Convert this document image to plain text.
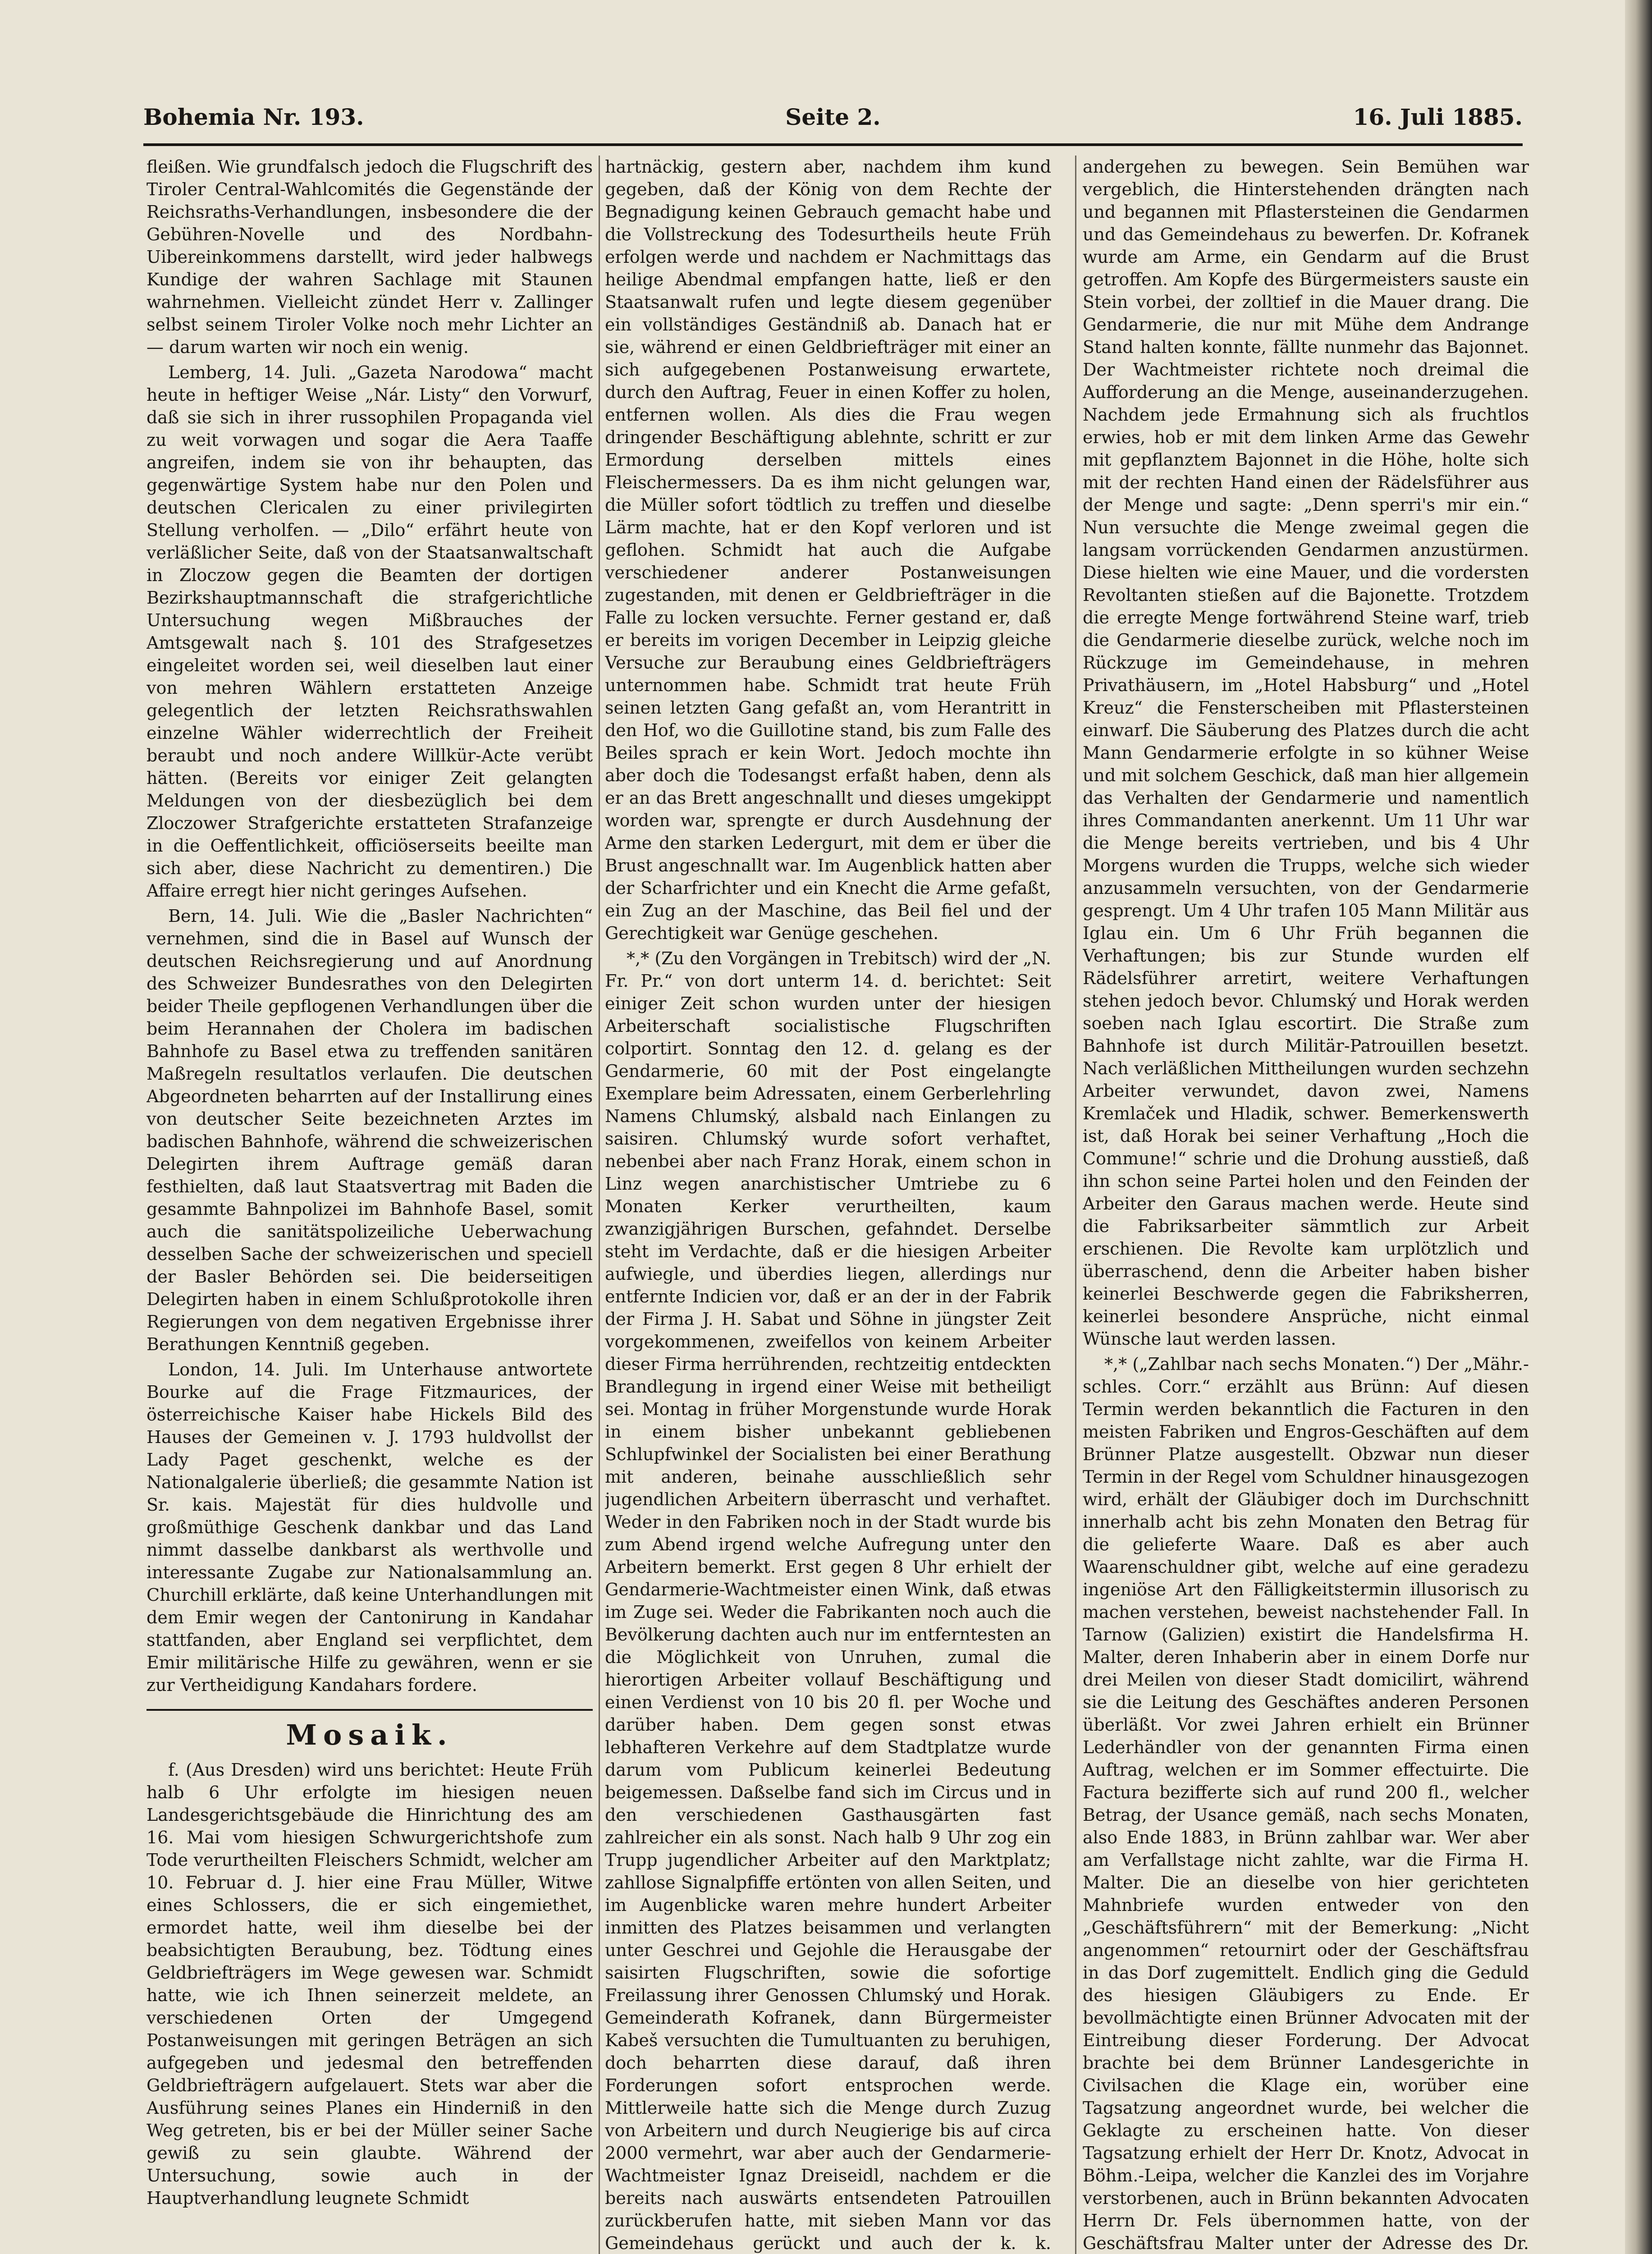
Bohemia Nr. 193.	Seite 2.	16. Juli 1885.

fleißen. Wie grundfalsch jedoch die Flugschrift des Tiroler Central-Wahlcomités die Gegenstände der Reichsraths-Verhandlungen, insbesondere die der Gebühren-Novelle und des Nordbahn-Uibereinkommens darstellt, wird jeder halbwegs Kundige der wahren Sachlage mit Staunen wahrnehmen. Vielleicht zündet Herr v. Zallinger selbst seinem Tiroler Volke noch mehr Lichter an — darum warten wir noch ein wenig.

Lemberg, 14. Juli. „Gazeta Narodowa“ macht heute in heftiger Weise „Nár. Listy“ den Vorwurf, daß sie sich in ihrer russophilen Propaganda viel zu weit vorwagen und sogar die Aera Taaffe angreifen, indem sie von ihr behaupten, das gegenwärtige System habe nur den Polen und deutschen Clericalen zu einer privilegirten Stellung verholfen. — „Dilo“ erfährt heute von verläßlicher Seite, daß von der Staatsanwaltschaft in Zloczow gegen die Beamten der dortigen Bezirkshauptmannschaft die strafgerichtliche Untersuchung wegen Mißbrauches der Amtsgewalt nach §. 101 des Strafgesetzes eingeleitet worden sei, weil dieselben laut einer von mehren Wählern erstatteten Anzeige gelegentlich der letzten Reichsrathswahlen einzelne Wähler widerrechtlich der Freiheit beraubt und noch andere Willkür-Acte verübt hätten. (Bereits vor einiger Zeit gelangten Meldungen von der diesbezüglich bei dem Zloczower Strafgerichte erstatteten Strafanzeige in die Oeffentlichkeit, officiöserseits beeilte man sich aber, diese Nachricht zu dementiren.) Die Affaire erregt hier nicht geringes Aufsehen.

Bern, 14. Juli. Wie die „Basler Nachrichten“ vernehmen, sind die in Basel auf Wunsch der deutschen Reichsregierung und auf Anordnung des Schweizer Bundesrathes von den Delegirten beider Theile gepflogenen Verhandlungen über die beim Herannahen der Cholera im badischen Bahnhofe zu Basel etwa zu treffenden sanitären Maßregeln resultatlos verlaufen. Die deutschen Abgeordneten beharrten auf der Installirung eines von deutscher Seite bezeichneten Arztes im badischen Bahnhofe, während die schweizerischen Delegirten ihrem Auftrage gemäß daran festhielten, daß laut Staatsvertrag mit Baden die gesammte Bahnpolizei im Bahnhofe Basel, somit auch die sanitätspolizeiliche Ueberwachung desselben Sache der schweizerischen und speciell der Basler Behörden sei. Die beiderseitigen Delegirten haben in einem Schlußprotokolle ihren Regierungen von dem negativen Ergebnisse ihrer Berathungen Kenntniß gegeben.

London, 14. Juli. Im Unterhause antwortete Bourke auf die Frage Fitzmaurices, der österreichische Kaiser habe Hickels Bild des Hauses der Gemeinen v. J. 1793 huldvollst der Lady Paget geschenkt, welche es der Nationalgalerie überließ; die gesammte Nation ist Sr. kais. Majestät für dies huldvolle und großmüthige Geschenk dankbar und das Land nimmt dasselbe dankbarst als werthvolle und interessante Zugabe zur Nationalsammlung an. Churchill erklärte, daß keine Unterhandlungen mit dem Emir wegen der Cantonirung in Kandahar stattfanden, aber England sei verpflichtet, dem Emir militärische Hilfe zu gewähren, wenn er sie zur Vertheidigung Kandahars fordere.

Mosaik.

f. (Aus Dresden) wird uns berichtet: Heute Früh halb 6 Uhr erfolgte im hiesigen neuen Landesgerichtsgebäude die Hinrichtung des am 16. Mai vom hiesigen Schwurgerichtshofe zum Tode verurtheilten Fleischers Schmidt, welcher am 10. Februar d. J. hier eine Frau Müller, Witwe eines Schlossers, die er sich eingemiethet, ermordet hatte, weil ihm dieselbe bei der beabsichtigten Beraubung, bez. Tödtung eines Geldbriefträgers im Wege gewesen war. Schmidt hatte, wie ich Ihnen seinerzeit meldete, an verschiedenen Orten der Umgegend Postanweisungen mit geringen Beträgen an sich aufgegeben und jedesmal den betreffenden Geldbriefträgern aufgelauert. Stets war aber die Ausführung seines Planes ein Hinderniß in den Weg getreten, bis er bei der Müller seiner Sache gewiß zu sein glaubte. Während der Untersuchung, sowie auch in der Hauptverhandlung leugnete Schmidt

hartnäckig, gestern aber, nachdem ihm kund gegeben, daß der König von dem Rechte der Begnadigung keinen Gebrauch gemacht habe und die Vollstreckung des Todesurtheils heute Früh erfolgen werde und nachdem er Nachmittags das heilige Abendmal empfangen hatte, ließ er den Staatsanwalt rufen und legte diesem gegenüber ein vollständiges Geständniß ab. Danach hat er sie, während er einen Geldbriefträger mit einer an sich aufgegebenen Postanweisung erwartete, durch den Auftrag, Feuer in einen Koffer zu holen, entfernen wollen. Als dies die Frau wegen dringender Beschäftigung ablehnte, schritt er zur Ermordung derselben mittels eines Fleischermessers. Da es ihm nicht gelungen war, die Müller sofort tödtlich zu treffen und dieselbe Lärm machte, hat er den Kopf verloren und ist geflohen. Schmidt hat auch die Aufgabe verschiedener anderer Postanweisungen zugestanden, mit denen er Geldbriefträger in die Falle zu locken versuchte. Ferner gestand er, daß er bereits im vorigen December in Leipzig gleiche Versuche zur Beraubung eines Geldbriefträgers unternommen habe. Schmidt trat heute Früh seinen letzten Gang gefaßt an, vom Herantritt in den Hof, wo die Guillotine stand, bis zum Falle des Beiles sprach er kein Wort. Jedoch mochte ihn aber doch die Todesangst erfaßt haben, denn als er an das Brett angeschnallt und dieses umgekippt worden war, sprengte er durch Ausdehnung der Arme den starken Ledergurt, mit dem er über die Brust angeschnallt war. Im Augenblick hatten aber der Scharfrichter und ein Knecht die Arme gefaßt, ein Zug an der Maschine, das Beil fiel und der Gerechtigkeit war Genüge geschehen.

*,* (Zu den Vorgängen in Trebitsch) wird der „N. Fr. Pr.“ von dort unterm 14. d. berichtet: Seit einiger Zeit schon wurden unter der hiesigen Arbeiterschaft socialistische Flugschriften colportirt. Sonntag den 12. d. gelang es der Gendarmerie, 60 mit der Post eingelangte Exemplare beim Adressaten, einem Gerberlehrling Namens Chlumský, alsbald nach Einlangen zu saisiren. Chlumský wurde sofort verhaftet, nebenbei aber nach Franz Horak, einem schon in Linz wegen anarchistischer Umtriebe zu 6 Monaten Kerker verurtheilten, kaum zwanzigjährigen Burschen, gefahndet. Derselbe steht im Verdachte, daß er die hiesigen Arbeiter aufwiegle, und überdies liegen, allerdings nur entfernte Indicien vor, daß er an der in der Fabrik der Firma J. H. Sabat und Söhne in jüngster Zeit vorgekommenen, zweifellos von keinem Arbeiter dieser Firma herrührenden, rechtzeitig entdeckten Brandlegung in irgend einer Weise mit betheiligt sei. Montag in früher Morgenstunde wurde Horak in einem bisher unbekannt gebliebenen Schlupfwinkel der Socialisten bei einer Berathung mit anderen, beinahe ausschließlich sehr jugendlichen Arbeitern überrascht und verhaftet. Weder in den Fabriken noch in der Stadt wurde bis zum Abend irgend welche Aufregung unter den Arbeitern bemerkt. Erst gegen 8 Uhr erhielt der Gendarmerie-Wachtmeister einen Wink, daß etwas im Zuge sei. Weder die Fabrikanten noch auch die Bevölkerung dachten auch nur im entferntesten an die Möglichkeit von Unruhen, zumal die hierortigen Arbeiter vollauf Beschäftigung und einen Verdienst von 10 bis 20 fl. per Woche und darüber haben. Dem gegen sonst etwas lebhafteren Verkehre auf dem Stadtplatze wurde darum vom Publicum keinerlei Bedeutung beigemessen. Daßselbe fand sich im Circus und in den verschiedenen Gasthausgärten fast zahlreicher ein als sonst. Nach halb 9 Uhr zog ein Trupp jugendlicher Arbeiter auf den Marktplatz; zahllose Signalpfiffe ertönten von allen Seiten, und im Augenblicke waren mehre hundert Arbeiter inmitten des Platzes beisammen und verlangten unter Geschrei und Gejohle die Herausgabe der saisirten Flugschriften, sowie die sofortige Freilassung ihrer Genossen Chlumský und Horak. Gemeinderath Kofranek, dann Bürgermeister Kabeš versuchten die Tumultuanten zu beruhigen, doch beharrten diese darauf, daß ihren Forderungen sofort entsprochen werde. Mittlerweile hatte sich die Menge durch Zuzug von Arbeitern und durch Neugierige bis auf circa 2000 vermehrt, war aber auch der Gendarmerie-Wachtmeister Ignaz Dreiseidl, nachdem er die bereits nach auswärts entsendeten Patrouillen zurückberufen hatte, mit sieben Mann vor das Gemeindehaus gerückt und auch der k. k.

andergehen zu bewegen. Sein Bemühen war vergeblich, die Hinterstehenden drängten nach und begannen mit Pflastersteinen die Gendarmen und das Gemeindehaus zu bewerfen. Dr. Kofranek wurde am Arme, ein Gendarm auf die Brust getroffen. Am Kopfe des Bürgermeisters sauste ein Stein vorbei, der zolltief in die Mauer drang. Die Gendarmerie, die nur mit Mühe dem Andrange Stand halten konnte, fällte nunmehr das Bajonnet. Der Wachtmeister richtete noch dreimal die Aufforderung an die Menge, auseinanderzugehen. Nachdem jede Ermahnung sich als fruchtlos erwies, hob er mit dem linken Arme das Gewehr mit gepflanztem Bajonnet in die Höhe, holte sich mit der rechten Hand einen der Rädelsführer aus der Menge und sagte: „Denn sperri's mir ein.“ Nun versuchte die Menge zweimal gegen die langsam vorrückenden Gendarmen anzustürmen. Diese hielten wie eine Mauer, und die vordersten Revoltanten stießen auf die Bajonette. Trotzdem die erregte Menge fortwährend Steine warf, trieb die Gendarmerie dieselbe zurück, welche noch im Rückzuge im Gemeindehause, in mehren Privathäusern, im „Hotel Habsburg“ und „Hotel Kreuz“ die Fensterscheiben mit Pflastersteinen einwarf. Die Säuberung des Platzes durch die acht Mann Gendarmerie erfolgte in so kühner Weise und mit solchem Geschick, daß man hier allgemein das Verhalten der Gendarmerie und namentlich ihres Commandanten anerkennt. Um 11 Uhr war die Menge bereits vertrieben, und bis 4 Uhr Morgens wurden die Trupps, welche sich wieder anzusammeln versuchten, von der Gendarmerie gesprengt. Um 4 Uhr trafen 105 Mann Militär aus Iglau ein. Um 6 Uhr Früh begannen die Verhaftungen; bis zur Stunde wurden elf Rädelsführer arretirt, weitere Verhaftungen stehen jedoch bevor. Chlumský und Horak werden soeben nach Iglau escortirt. Die Straße zum Bahnhofe ist durch Militär-Patrouillen besetzt. Nach verläßlichen Mittheilungen wurden sechzehn Arbeiter verwundet, davon zwei, Namens Kremlaček und Hladik, schwer. Bemerkenswerth ist, daß Horak bei seiner Verhaftung „Hoch die Commune!“ schrie und die Drohung ausstieß, daß ihn schon seine Partei holen und den Feinden der Arbeiter den Garaus machen werde. Heute sind die Fabriksarbeiter sämmtlich zur Arbeit erschienen. Die Revolte kam urplötzlich und überraschend, denn die Arbeiter haben bisher keinerlei Beschwerde gegen die Fabriksherren, keinerlei besondere Ansprüche, nicht einmal Wünsche laut werden lassen.

*,* („Zahlbar nach sechs Monaten.“) Der „Mähr.-schles. Corr.“ erzählt aus Brünn: Auf diesen Termin werden bekanntlich die Facturen in den meisten Fabriken und Engros-Geschäften auf dem Brünner Platze ausgestellt. Obzwar nun dieser Termin in der Regel vom Schuldner hinausgezogen wird, erhält der Gläubiger doch im Durchschnitt innerhalb acht bis zehn Monaten den Betrag für die gelieferte Waare. Daß es aber auch Waarenschuldner gibt, welche auf eine geradezu ingeniöse Art den Fälligkeitstermin illusorisch zu machen verstehen, beweist nachstehender Fall. In Tarnow (Galizien) existirt die Handelsfirma H. Malter, deren Inhaberin aber in einem Dorfe nur drei Meilen von dieser Stadt domicilirt, während sie die Leitung des Geschäftes anderen Personen überläßt. Vor zwei Jahren erhielt ein Brünner Lederhändler von der genannten Firma einen Auftrag, welchen er im Sommer effectuirte. Die Factura bezifferte sich auf rund 200 fl., welcher Betrag, der Usance gemäß, nach sechs Monaten, also Ende 1883, in Brünn zahlbar war. Wer aber am Verfallstage nicht zahlte, war die Firma H. Malter. Die an dieselbe von hier gerichteten Mahnbriefe wurden entweder von den „Geschäftsführern“ mit der Bemerkung: „Nicht angenommen“ retournirt oder der Geschäftsfrau in das Dorf zugemittelt. Endlich ging die Geduld des hiesigen Gläubigers zu Ende. Er bevollmächtigte einen Brünner Advocaten mit der Eintreibung dieser Forderung. Der Advocat brachte bei dem Brünner Landesgerichte in Civilsachen die Klage ein, worüber eine Tagsatzung angeordnet wurde, bei welcher die Geklagte zu erscheinen hatte. Von dieser Tagsatzung erhielt der Herr Dr. Knotz, Advocat in Böhm.-Leipa, welcher die Kanzlei des im Vorjahre verstorbenen, auch in Brünn bekannten Advocaten Herrn Dr. Fels übernommen hatte, von der Geschäftsfrau Malter unter der Adresse des Dr.
